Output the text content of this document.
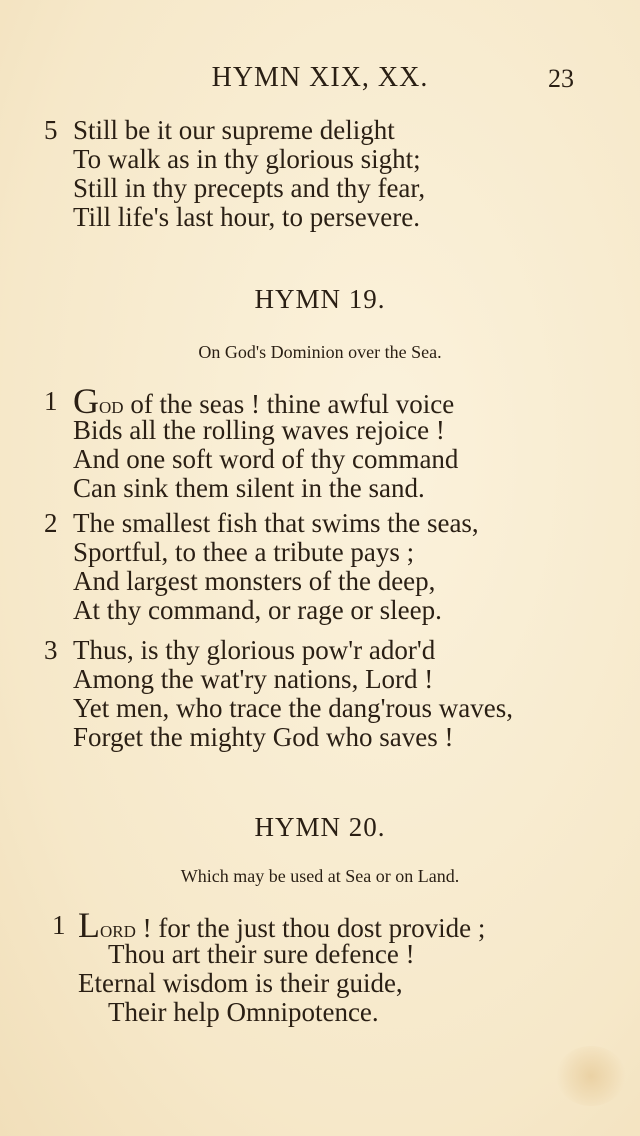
HYMN XIX, XX.	23
5 Still be it our supreme delight
To walk as in thy glorious sight;
Still in thy precepts and thy fear,
Till life's last hour, to persevere.
HYMN 19.
On God's Dominion over the Sea.
1 God of the seas ! thine awful voice
Bids all the rolling waves rejoice !
And one soft word of thy command
Can sink them silent in the sand.
2 The smallest fish that swims the seas,
Sportful, to thee a tribute pays ;
And largest monsters of the deep,
At thy command, or rage or sleep.
3 Thus, is thy glorious pow'r ador'd
Among the wat'ry nations, Lord !
Yet men, who trace the dang'rous waves,
Forget the mighty God who saves !
HYMN 20.
Which may be used at Sea or on Land.
1 Lord ! for the just thou dost provide ;
Thou art their sure defence !
Eternal wisdom is their guide,
Their help Omnipotence.
